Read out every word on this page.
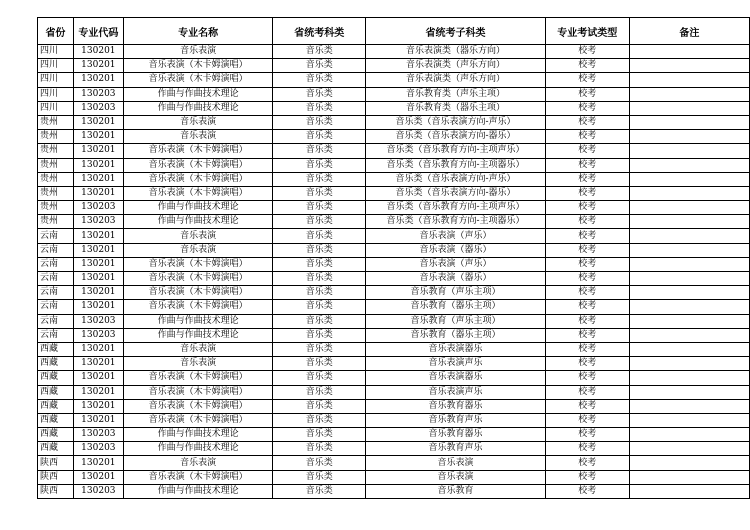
省份	专业代码	专业名称	省统考科类	省统考子科类	专业考试类型	备注
四川	130201	音乐表演	音乐类	音乐表演类（器乐方向）	校考	
四川	130201	音乐表演（木卡姆演唱）	音乐类	音乐表演类（声乐方向）	校考	
四川	130201	音乐表演（木卡姆演唱）	音乐类	音乐表演类（声乐方向）	校考	
四川	130203	作曲与作曲技术理论	音乐类	音乐教育类（声乐主项）	校考	
四川	130203	作曲与作曲技术理论	音乐类	音乐教育类（器乐主项）	校考	
贵州	130201	音乐表演	音乐类	音乐类（音乐表演方向-声乐）	校考	
贵州	130201	音乐表演	音乐类	音乐类（音乐表演方向-器乐）	校考	
贵州	130201	音乐表演（木卡姆演唱）	音乐类	音乐类（音乐教育方向-主项声乐）	校考	
贵州	130201	音乐表演（木卡姆演唱）	音乐类	音乐类（音乐教育方向-主项器乐）	校考	
贵州	130201	音乐表演（木卡姆演唱）	音乐类	音乐类（音乐表演方向-声乐）	校考	
贵州	130201	音乐表演（木卡姆演唱）	音乐类	音乐类（音乐表演方向-器乐）	校考	
贵州	130203	作曲与作曲技术理论	音乐类	音乐类（音乐教育方向-主项声乐）	校考	
贵州	130203	作曲与作曲技术理论	音乐类	音乐类（音乐教育方向-主项器乐）	校考	
云南	130201	音乐表演	音乐类	音乐表演（声乐）	校考	
云南	130201	音乐表演	音乐类	音乐表演（器乐）	校考	
云南	130201	音乐表演（木卡姆演唱）	音乐类	音乐表演（声乐）	校考	
云南	130201	音乐表演（木卡姆演唱）	音乐类	音乐表演（器乐）	校考	
云南	130201	音乐表演（木卡姆演唱）	音乐类	音乐教育（声乐主项）	校考	
云南	130201	音乐表演（木卡姆演唱）	音乐类	音乐教育（器乐主项）	校考	
云南	130203	作曲与作曲技术理论	音乐类	音乐教育（声乐主项）	校考	
云南	130203	作曲与作曲技术理论	音乐类	音乐教育（器乐主项）	校考	
西藏	130201	音乐表演	音乐类	音乐表演器乐	校考	
西藏	130201	音乐表演	音乐类	音乐表演声乐	校考	
西藏	130201	音乐表演（木卡姆演唱）	音乐类	音乐表演器乐	校考	
西藏	130201	音乐表演（木卡姆演唱）	音乐类	音乐表演声乐	校考	
西藏	130201	音乐表演（木卡姆演唱）	音乐类	音乐教育器乐	校考	
西藏	130201	音乐表演（木卡姆演唱）	音乐类	音乐教育声乐	校考	
西藏	130203	作曲与作曲技术理论	音乐类	音乐教育器乐	校考	
西藏	130203	作曲与作曲技术理论	音乐类	音乐教育声乐	校考	
陕西	130201	音乐表演	音乐类	音乐表演	校考	
陕西	130201	音乐表演（木卡姆演唱）	音乐类	音乐表演	校考	
陕西	130203	作曲与作曲技术理论	音乐类	音乐教育	校考	
